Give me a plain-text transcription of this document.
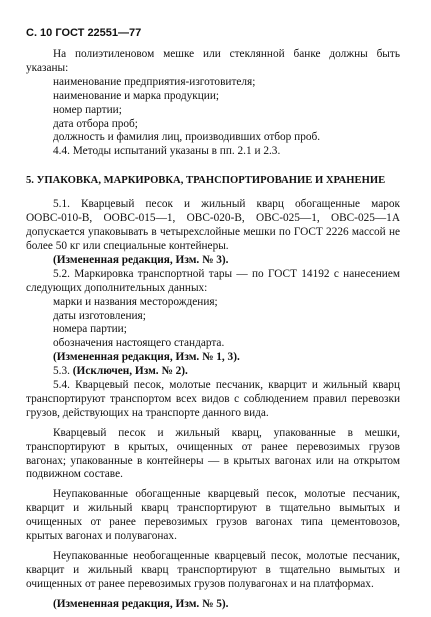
С. 10 ГОСТ 22551—77

На полиэтиленовом мешке или стеклянной банке должны быть указаны:

наименование предприятия-изготовителя;

наименование и марка продукции;

номер партии;

дата отбора проб;

должность и фамилия лиц, производивших отбор проб.

4.4. Методы испытаний указаны в пп. 2.1 и 2.3.

5. УПАКОВКА, МАРКИРОВКА, ТРАНСПОРТИРОВАНИЕ И ХРАНЕНИЕ

5.1. Кварцевый песок и жильный кварц обогащенные марок ООВС-010-В, ООВС-015—1, ОВС-020-В, ОВС-025—1, ОВС-025—1А допускается упаковывать в четырехслойные мешки по ГОСТ 2226 массой не более 50 кг или специальные контейнеры.

(Измененная редакция, Изм. № 3).

5.2. Маркировка транспортной тары — по ГОСТ 14192 с нанесением следующих дополнительных данных:

марки и названия месторождения;

даты изготовления;

номера партии;

обозначения настоящего стандарта.

(Измененная редакция, Изм. № 1, 3).

5.3. (Исключен, Изм. № 2).

5.4. Кварцевый песок, молотые песчаник, кварцит и жильный кварц транспортируют транспортом всех видов с соблюдением правил перевозки грузов, действующих на транспорте данного вида.

Кварцевый песок и жильный кварц, упакованные в мешки, транспортируют в крытых, очищенных от ранее перевозимых грузов вагонах; упакованные в контейнеры — в крытых вагонах или на открытом подвижном составе.

Неупакованные обогащенные кварцевый песок, молотые песчаник, кварцит и жильный кварц транспортируют в тщательно вымытых и очищенных от ранее перевозимых грузов вагонах типа цементовозов, крытых вагонах и полувагонах.

Неупакованные необогащенные кварцевый песок, молотые песчаник, кварцит и жильный кварц транспортируют в тщательно вымытых и очищенных от ранее перевозимых грузов полувагонах и на платформах.

(Измененная редакция, Изм. № 5).
